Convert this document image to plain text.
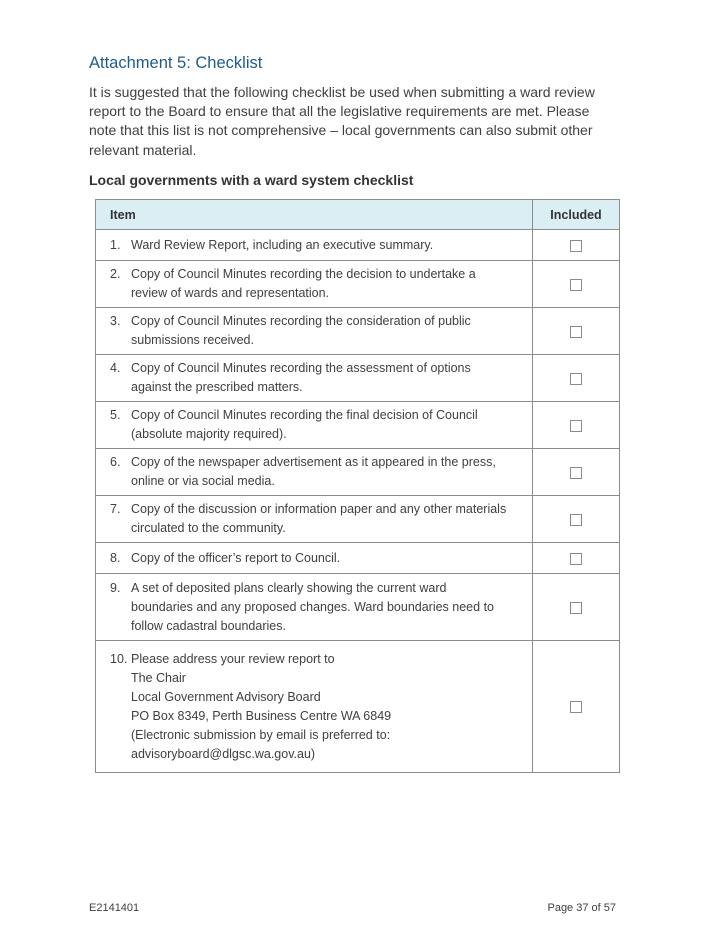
Attachment 5: Checklist

It is suggested that the following checklist be used when submitting a ward review report to the Board to ensure that all the legislative requirements are met. Please note that this list is not comprehensive – local governments can also submit other relevant material.

Local governments with a ward system checklist
Item	Included

1. Ward Review Report, including an executive summary.	

2. Copy of Council Minutes recording the decision to undertake a
review of wards and representation.	

3. Copy of Council Minutes recording the consideration of public
submissions received.	

4. Copy of Council Minutes recording the assessment of options
against the prescribed matters.	

5. Copy of Council Minutes recording the final decision of Council
(absolute majority required).	

6. Copy of the newspaper advertisement as it appeared in the press,
online or via social media.	

7. Copy of the discussion or information paper and any other materials
circulated to the community.	

8. Copy of the officer’s report to Council.	

9. A set of deposited plans clearly showing the current ward
boundaries and any proposed changes. Ward boundaries need to
follow cadastral boundaries.	

10. Please address your review report to
The Chair
Local Government Advisory Board
PO Box 8349, Perth Business Centre WA 6849
(Electronic submission by email is preferred to:
advisoryboard@dlgsc.wa.gov.au)

E2141401	Page 37 of 57
